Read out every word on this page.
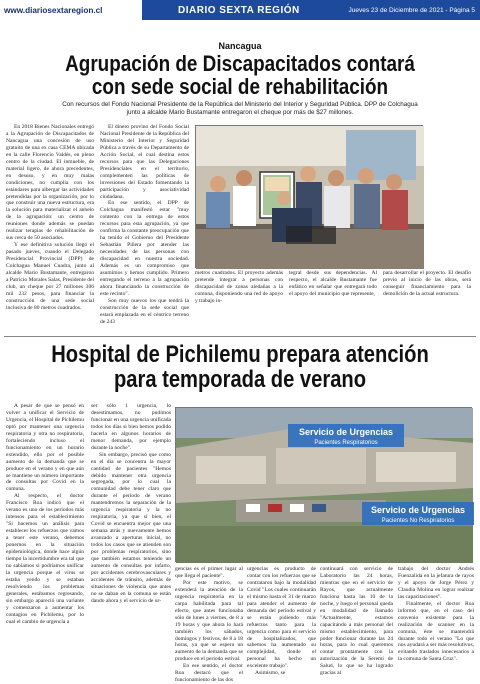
www.diariosextaregion.cl	DIARIO SEXTA REGIÓN	Jueves 23 de Diciembre de 2021 - Página 5
Nancagua
Agrupación de Discapacitados contará
con sede social de rehabilitación
Con recursos del Fondo Nacional Presidente de la República del Ministerio del Interior y Seguridad Pública. DPP de Colchagua
junto a alcalde Mario Bustamante entregaron el cheque por más de $27 millones.

En 2018 Bienes Nacionales entregó a la Agrupación de Discapacitados de Nancagua una concesión de uso gratuito de una ex casa CEMA ubicada en la calle Florencio Valdés, en pleno centro de la ciudad. El inmueble, de material ligero, de ahora precedentes, en desuso, y en muy malas condiciones, no cumplía con los estándares para albergar las actividades pretendidas por la organización, por lo que construir una nueva estructura, era la solución para materializar el anhelo de la agrupación: un centro de reuniones donde además se puedan realizar terapias de rehabilitación de sus cerca de 50 asociados.

Y ese definitiva solución llegó el pasado jueves, cuando el Delegado Presidencial Provincial (DPP) de Colchagua Manuel Cuadra, junto al alcalde Mario Bustamante, entregaron a Patricio Morales Salas, Presidente del club, un cheque por 27 millones 306 mil 232 pesos, para financiar la construcción de una sede social inclusiva de 80 metros cuadrados.

El dinero provino del Fondo Social Nacional Presidente de la República del Ministerio del Interior y Seguridad Pública a través de su Departamento de Acción Social, el cual destina estos recursos para que las Delegaciones Presidenciales en el territorio, complementen las políticas de inversiones del Estado fomentando la participación y asociatividad ciudadana.

En ese sentido, el DPP de Colchagua manifestó estar "muy contento con la entrega de estos recursos para esta agrupación, ya que confirma la constante preocupación que ha tenido el Gobierno del Presidente Sebastián Piñera por atender las necesidades de las personas con discapacidad en nuestra sociedad. Además es un compromiso que asumimos y hemos cumplido. Primero entregando el terreno a la agrupación ahora financiando la construcción de este recinto".

Son muy nuevos los que tendrá la construcción de la sede social que estará emplazada en el céntrico terreno de 243

metros cuadrados. El proyecto además pretende integrar a personas con discapacidad de zonas aledañas a la comuna, disponiendo una red de apoyo y trabajo in-

tegral desde sus dependencias. Al respecto, el alcalde Bustamante fue enfático en señalar que entregará todo el apoyo del municipio que represente,

para desarrollar el proyecto. El desafío previo al inicio de las obras, será conseguir financiamiento para la demolición de la actual estructura.

Hospital de Pichilemu prepara atención
para temporada de verano

A pesar de que se pensó en volver a unificar el Servicio de Urgencia, el Hospital de Pichilemu optó por mantener una urgencia respiratoria y otra no respiratoria, fortaleciendo incluso el funcionamiento en un horario extendido, ello por el posible aumento de la demanda que se produce en el verano y en que aún se mantiene un número importante de consultas por Covid en la comuna.

Al respecto, el doctor Francisco Roa indicó que el verano es uno de los periodos más intensos para el establecimiento "Si hacemos un análisis para establecer los refuerzos que vamos a tener este verano, debemos ponernos en la situación epidemiológica, donde hace algún tiempo la incertidumbre era tal que no sabíamos si podríamos unificar la urgencia porque el virus se estaba yendo y se estaban resolviendo los problemas generales, estábamos regresando, sin embargo apareció una variante y comenzaron a aumentar los contagios en Pichilemu, por lo cual el cambio de urgencia a

ser sólo 1 urgencia, lo desestimamos, no pudimos funcionar en una urgencia unificada todos los días si bien hemos podido hacerla en algunos horarios de menor demanda, por ejemplo durante la noche".

Sin embargo, precisó que como en el día se concentra la mayor cantidad de pacientes "Hemos debido mantener otra urgencia segregada, por lo cual la comunidad debe tener claro que durante el período de verano mantendremos la separación de la urgencia respiratoria y la no respiratoria, ya que sí bien, el Covid se encuentra mejor que una semana atrás y nuevamente hemos avanzado a aperturas inicial, no todos los casos que se atienden son por problemas respiratorios, sino que también estamos teniendo un aumento de consultas por infarto, por accidentes cerebrovasculares y accidentes de tránsito, además de situaciones de violencia que antes no se daban en la comuna se están dando ahora y el servicio de ur-

Servicio de Urgencias
Pacientes Respiratorios
Servicio de Urgencias
Pacientes No Respiratorios

gencias es el primer lugar al que llega el paciente".

Por este motivo, se extenderá la atención de la urgencia respiratoria en la carpa habilitada para tal efecto, que antes funcionaba sólo de lunes a viernes, de 8 a 19 horas y que ahora lo hará también los sábados, domingos y festivos, de 8 a 18 horas, ya que se espera un aumento de la demanda que se produce en el periodo estival.

En ese sentido, el doctor Roa destacó que el funcionamiento de las dos

urgencias es producto de contar con los refuerzos que se contrataron bajo la modalidad Covid "Los cuales continuarán el mismo hasta el 31 de marzo para atender el aumento de demanda del período estival y se están pidiendo más refuerzos tanto para la urgencia como para el servicio de hospitalizados, que sabemos ha aumentado su complejidad, donde el personal ha hecho un excelente trabajo".

Asimismo, se

continuará con servicio de Laboratorio las 24 horas, mientras que en el servicio de Rayos, que actualmente funciona hasta las 10 de la noche, y luego el personal queda en modalidad de llamado "Actualmente, estamos capacitando a más personal del mismo establecimiento, para poder funcionar durante las 24 horas, para lo cual queremos contar prontamente con la autorización de la Seremi de Salud, lo que se ha logrado gracias al

trabajo del doctor Andrés Fuenzalida en la jefatura de rayos y el apoyo de Jorge Pérez y Claudia Molina en lograr realizar las capacitaciones".

Finalmente, el doctor Roa informó que, en el caso del convenio existente para la realización de scanner en la comuna, éste se mantendrá durante todo el verano "Lo que nos ayudará a ser más resolutivos, evitando traslados innecesarios a la comuna de Santa Cruz".
